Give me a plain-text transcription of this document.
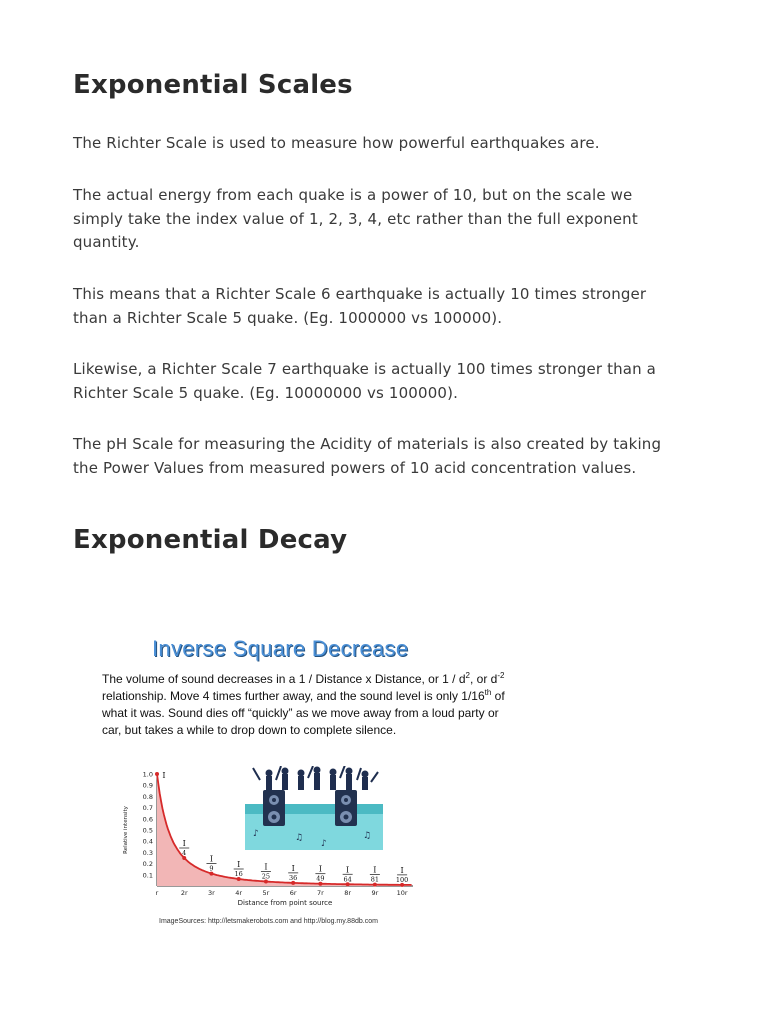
Exponential Scales

The Richter Scale is used to measure how powerful earthquakes are.

The actual energy from each quake is a power of 10, but on the scale we simply take the index value of 1, 2, 3, 4, etc rather than the full exponent quantity.

This means that a Richter Scale 6 earthquake is actually 10 times stronger than a Richter Scale 5 quake. (Eg. 1000000 vs 100000).

Likewise, a Richter Scale 7 earthquake is actually 100 times stronger than a Richter Scale 5 quake. (Eg. 10000000 vs 100000).

The pH Scale for measuring the Acidity of materials is also created by taking the Power Values from measured powers of 10 acid concentration values.

Exponential Decay
Inverse Square Decrease

The volume of sound decreases in a 1 / Distance x Distance, or $1 / d^2$, or $d^{-2}$ relationship. Move 4 times further away, and the sound level is only 1/16th of what it was. Sound dies off “quickly” as we move away from a loud party or car, but takes a while to drop down to complete silence.

♪	♫
♪
♫
1.0
0.9
0.8
0.7
0.6
0.5
0.4
0.3
0.2
0.1
r	2r	3r	4r	5r	6r	7r	8r	9r	10r
Distance from point source
Relative intensity
I
I
4
I
9	I
16
I
25
I
36
I
49
I
64
I
81
I
100
ImageSources: http://letsmakerobots.com and http://blog.my.88db.com
